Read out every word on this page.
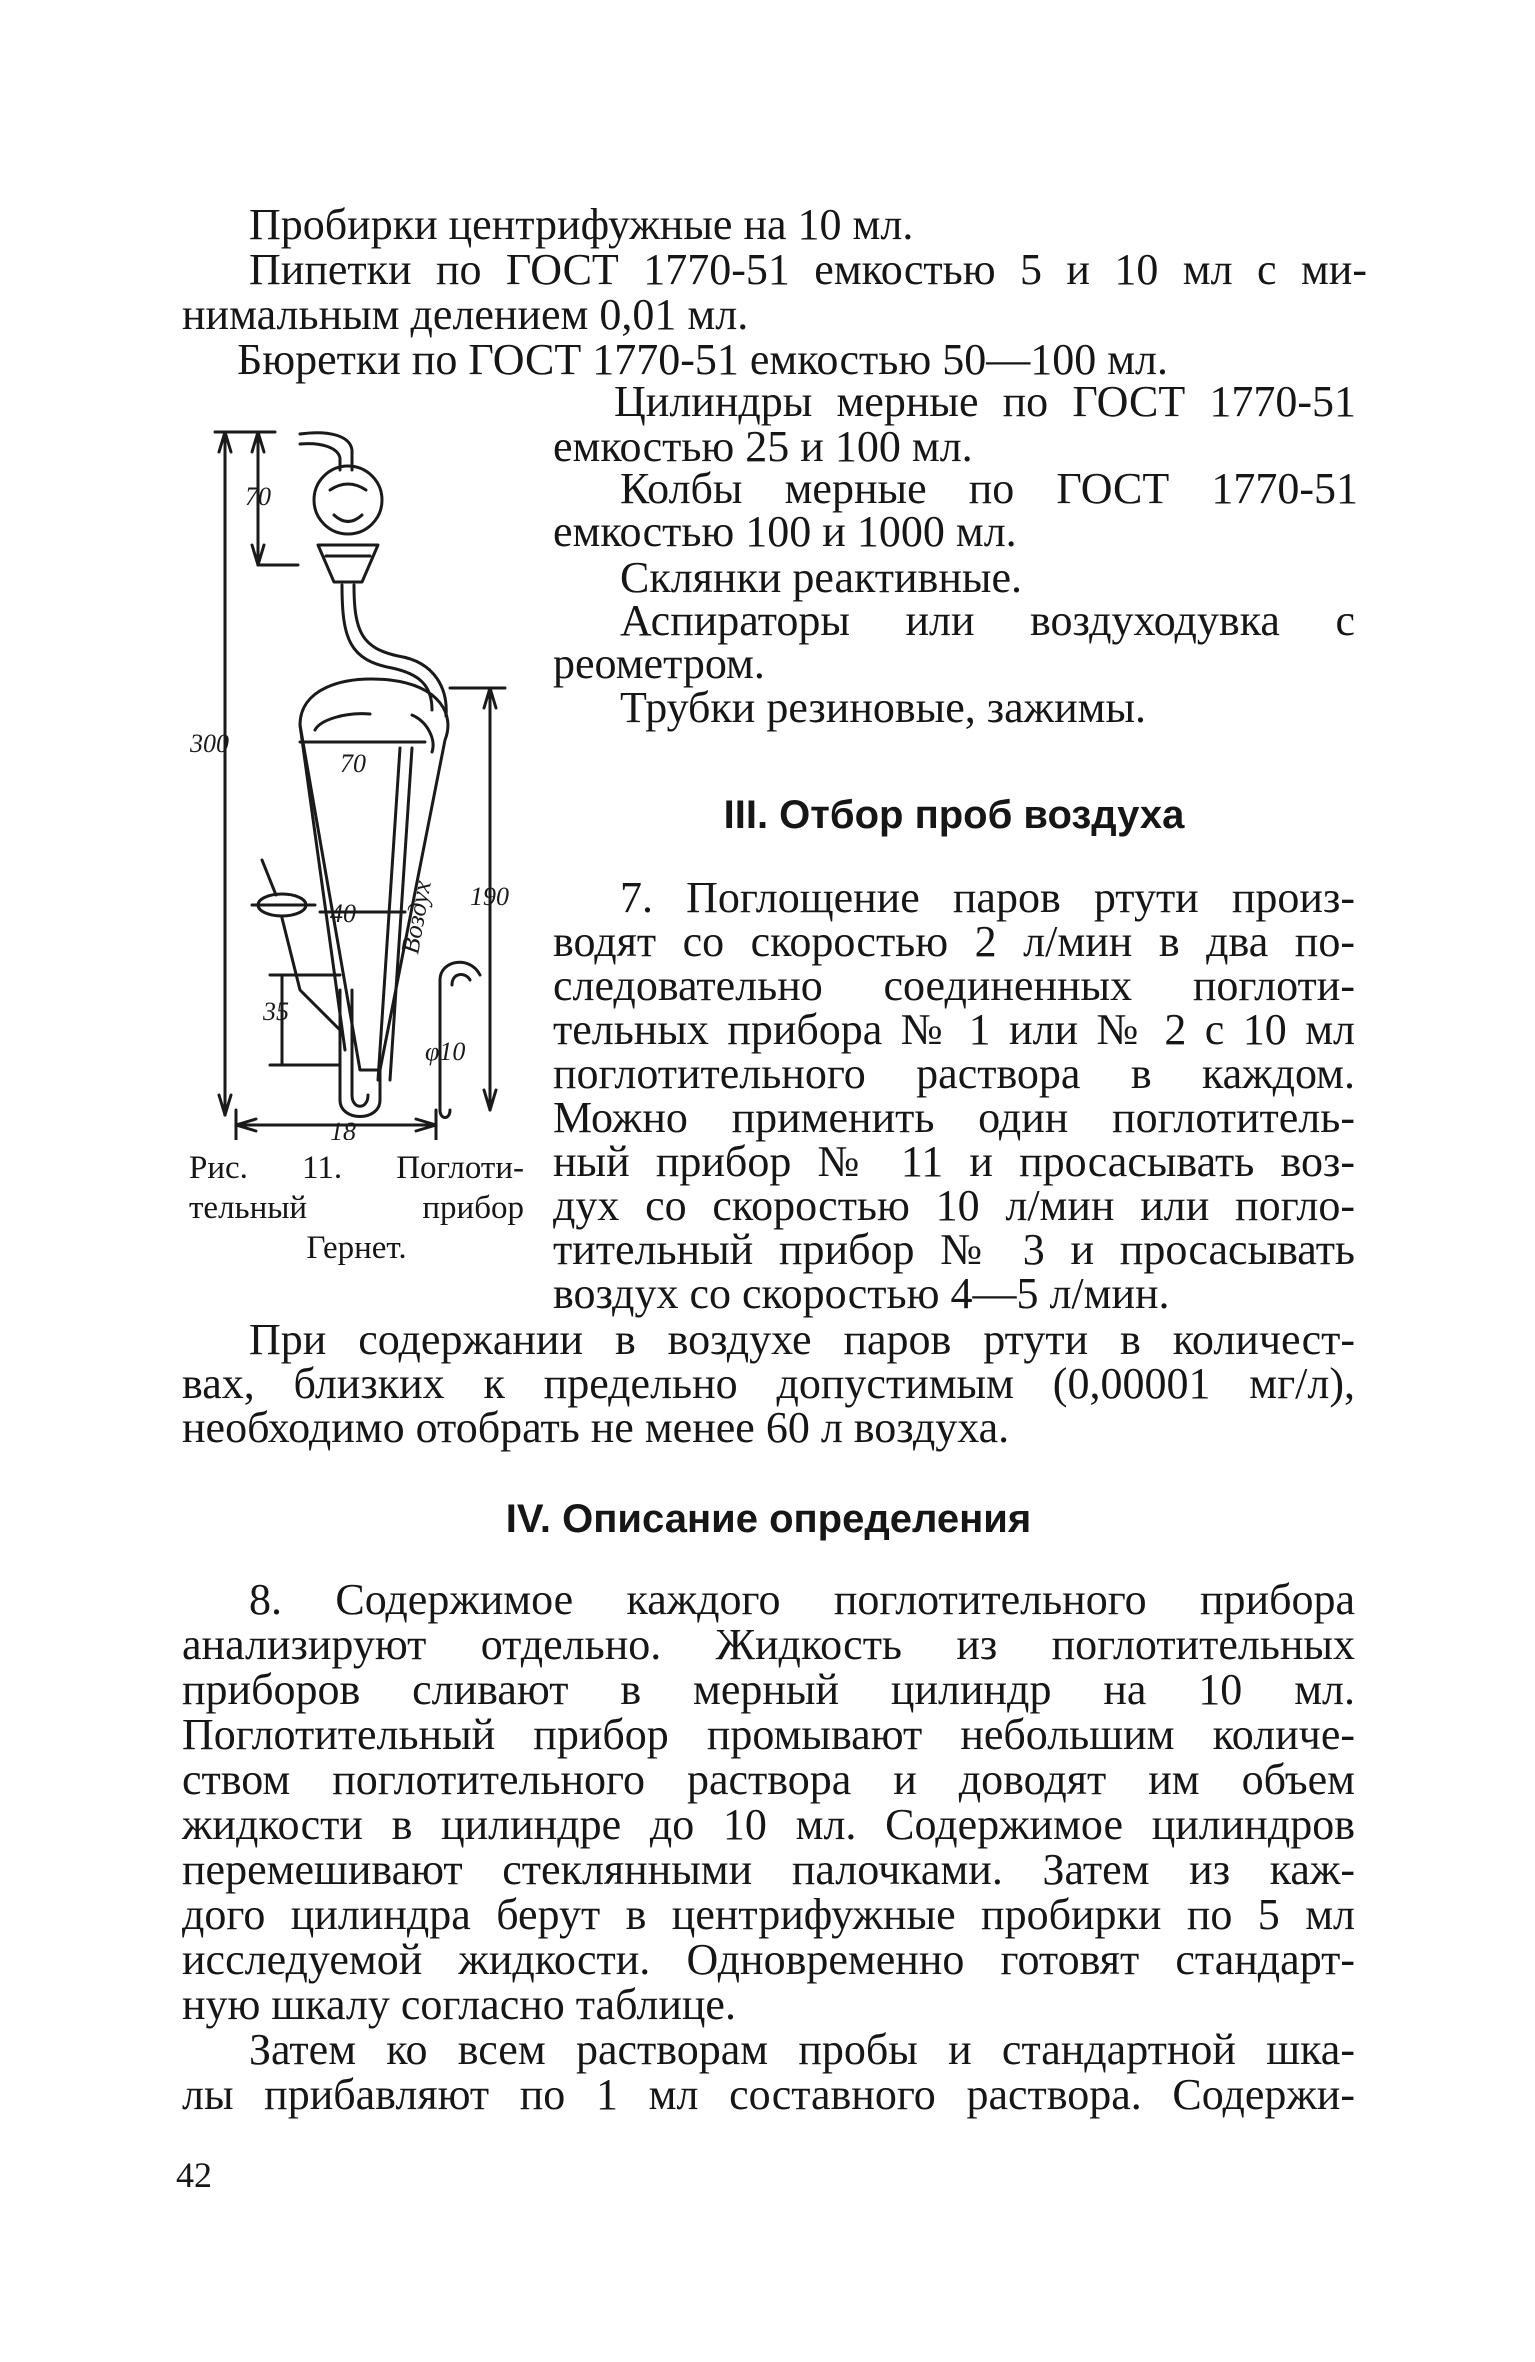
Пробирки центрифужные на 10 мл.
Пипетки по ГОСТ 1770-51 емкостью 5 и 10 мл с ми-
нимальным делением 0,01 мл.
Бюретки по ГОСТ 1770-51 емкостью 50—100 мл.
Цилиндры мерные по ГОСТ 1770-51
емкостью 25 и 100 мл.
Колбы мерные по ГОСТ 1770-51
емкостью 100 и 1000 мл.
Склянки реактивные.
Аспираторы или воздуходувка с
реометром.
Трубки резиновые, зажимы.
III. Отбор проб воздуха
7. Поглощение паров ртути произ-
водят со скоростью 2 л/мин в два по-
следовательно соединенных поглоти-
тельных прибора № 1 или № 2 с 10 мл
поглотительного раствора в каждом.
Можно применить один поглотитель-
ный прибор № 11 и просасывать воз-
дух со скоростью 10 л/мин или погло-
тительный прибор № 3 и просасывать
воздух со скоростью 4—5 л/мин.
При содержании в воздухе паров ртути в количест-
вах, близких к предельно допустимым (0,00001 мг/л),
необходимо отобрать не менее 60 л воздуха.
Рис. 11. Поглоти-
тельный прибор
Гернет.
70
300
70
190
40
35
φ10
18
Воздух
IV. Описание определения
8. Содержимое каждого поглотительного прибора
анализируют отдельно. Жидкость из поглотительных
приборов сливают в мерный цилиндр на 10 мл.
Поглотительный прибор промывают небольшим количе-
ством поглотительного раствора и доводят им объем
жидкости в цилиндре до 10 мл. Содержимое цилиндров
перемешивают стеклянными палочками. Затем из каж-
дого цилиндра берут в центрифужные пробирки по 5 мл
исследуемой жидкости. Одновременно готовят стандарт-
ную шкалу согласно таблице.
Затем ко всем растворам пробы и стандартной шка-
лы прибавляют по 1 мл составного раствора. Содержи-
42
